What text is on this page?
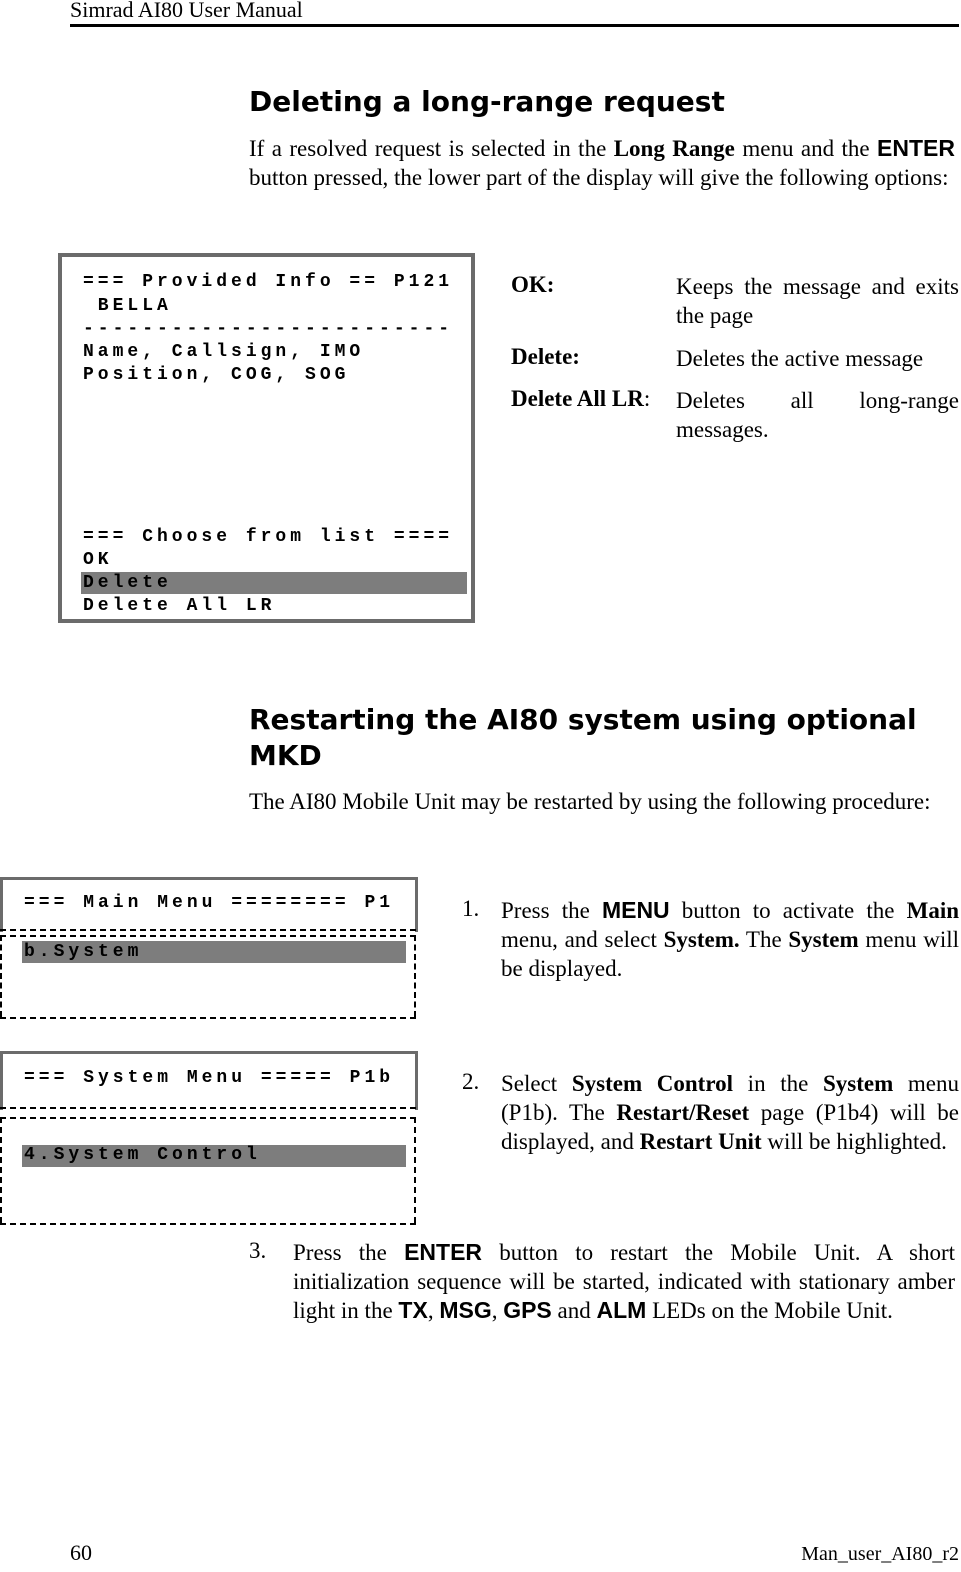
Simrad AI80 User Manual
Deleting a long-range request
If a resolved request is selected in the Long Range menu and the ENTER button pressed, the lower part of the display will give the following options:
=== Provided Info == P121
BELLA
-------------------------
Name, Callsign, IMO
Position, COG, SOG
=== Choose from list ====
OK
Delete
Delete All LR
OK:	Keeps the message and exits the page
Delete:	Deletes the active message
Delete All LR: Deletes all long-range messages.
Restarting the AI80 system using optional
MKD
The AI80 Mobile Unit may be restarted by using the following procedure:
=== Main Menu ======== P1
b.System
1. Press the MENU button to activate the Main menu, and select System. The System menu will be displayed.
=== System Menu ===== P1b
4.System Control
2. Select System Control in the System menu (P1b). The Restart/Reset page (P1b4) will be displayed, and Restart Unit will be highlighted.
3. Press the ENTER button to restart the Mobile Unit. A short initialization sequence will be started, indicated with stationary amber light in the TX, MSG, GPS and ALM LEDs on the Mobile Unit.
60	Man_user_AI80_r2
